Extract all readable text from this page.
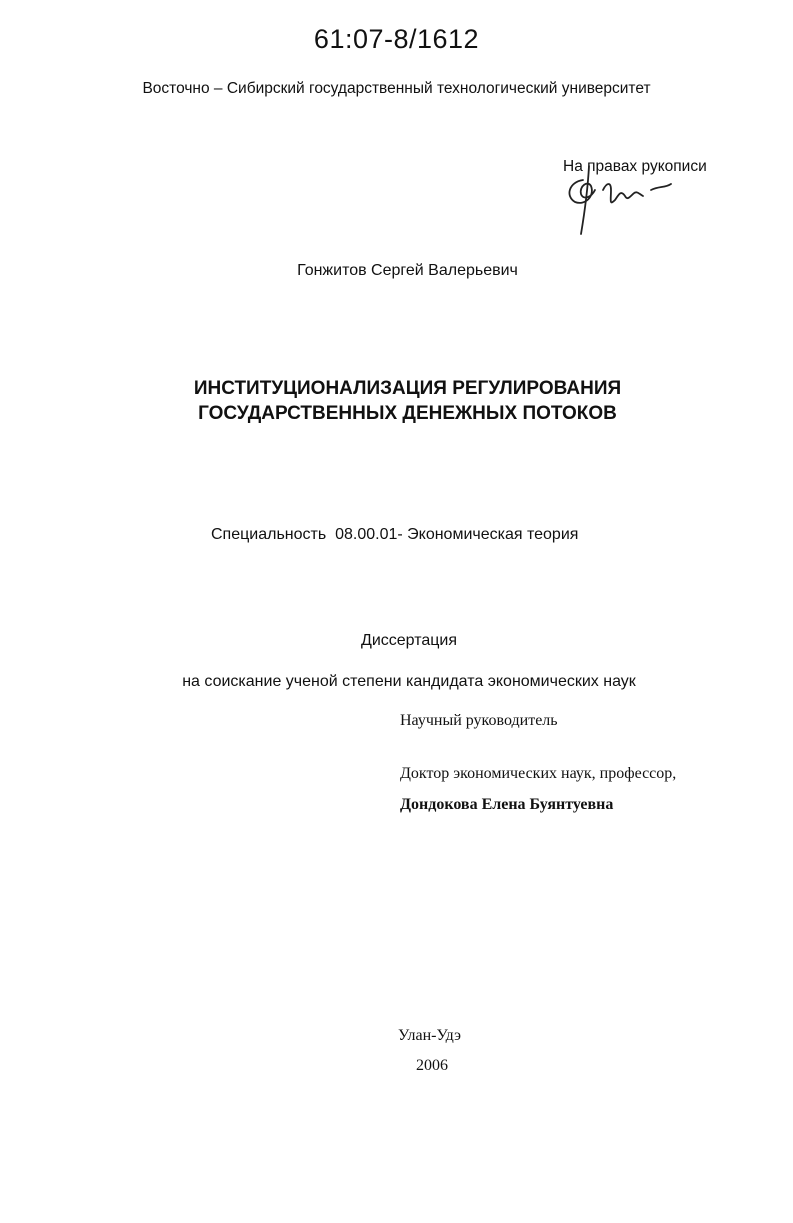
61:07-8/1612
Восточно – Сибирский государственный технологический университет
На правах рукописи
Гонжитов Сергей Валерьевич
ИНСТИТУЦИОНАЛИЗАЦИЯ РЕГУЛИРОВАНИЯ
ГОСУДАРСТВЕННЫХ ДЕНЕЖНЫХ ПОТОКОВ
Специальность  08.00.01- Экономическая теория
Диссертация
на соискание ученой степени кандидата экономических наук
Научный руководитель
Доктор экономических наук, профессор,
Дондокова Елена Буянтуевна
Улан-Удэ
2006
